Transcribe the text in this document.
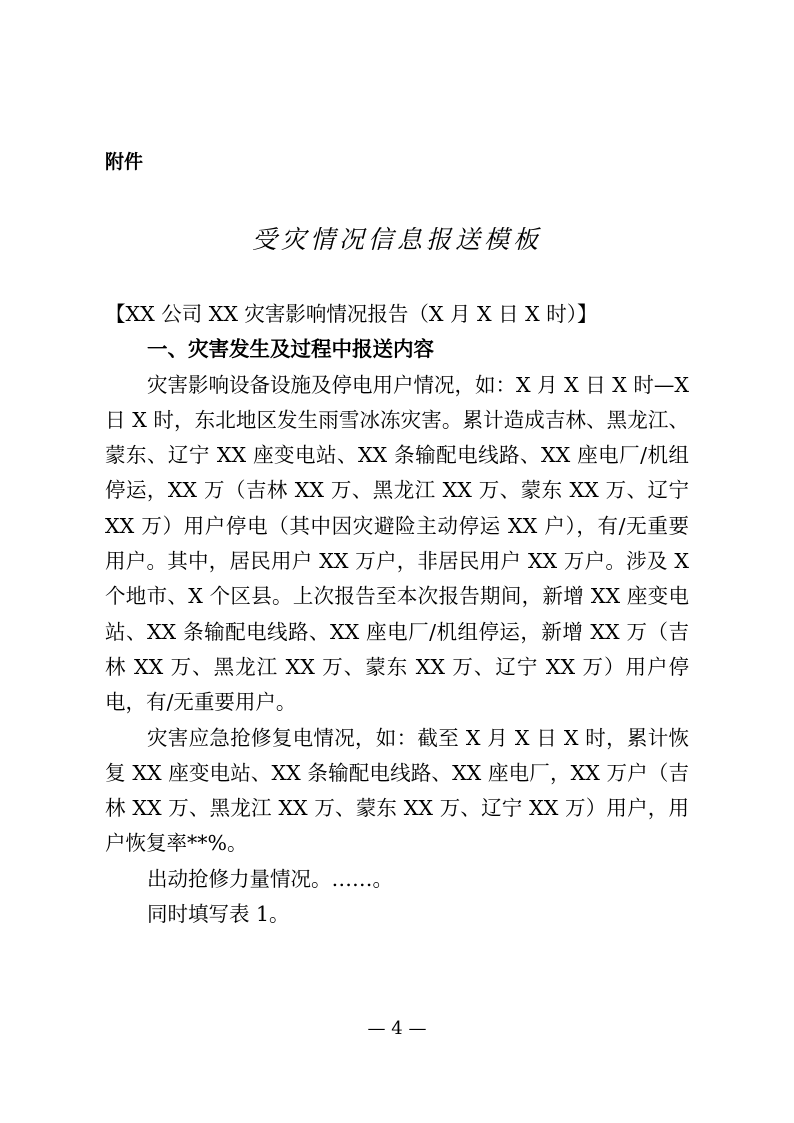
附件
受灾情况信息报送模板

【XX 公司 XX 灾害影响情况报告（X 月 X 日 X 时）】

一、灾害发生及过程中报送内容

灾害影响设备设施及停电用户情况，如：X 月 X 日 X 时—X 日 X 时，东北地区发生雨雪冰冻灾害。累计造成吉林、黑龙江、蒙东、辽宁 XX 座变电站、XX 条输配电线路、XX 座电厂/机组停运，XX 万（吉林 XX 万、黑龙江 XX 万、蒙东 XX 万、辽宁 XX 万）用户停电（其中因灾避险主动停运 XX 户），有/无重要用户。其中，居民用户 XX 万户，非居民用户 XX 万户。涉及 X 个地市、X 个区县。上次报告至本次报告期间，新增 XX 座变电站、XX 条输配电线路、XX 座电厂/机组停运，新增 XX 万（吉林 XX 万、黑龙江 XX 万、蒙东 XX 万、辽宁 XX 万）用户停电，有/无重要用户。

灾害应急抢修复电情况，如：截至 X 月 X 日 X 时，累计恢复 XX 座变电站、XX 条输配电线路、XX 座电厂，XX 万户（吉林 XX 万、黑龙江 XX 万、蒙东 XX 万、辽宁 XX 万）用户，用户恢复率**%。

出动抢修力量情况。……。

同时填写表 1。

— 4 —
